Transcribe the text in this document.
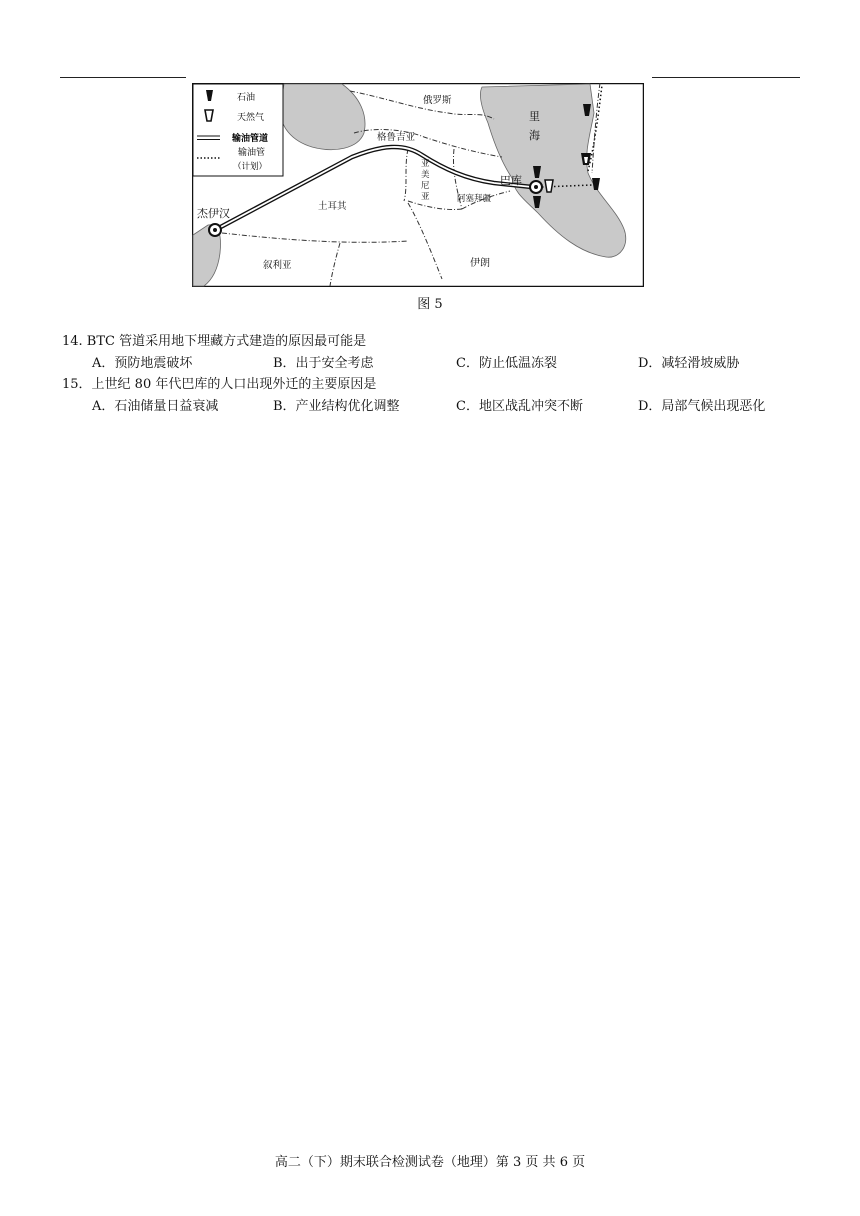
石油
天然气
输油管道
输油管
（计划）
俄罗斯
格鲁吉亚
里
海
亚
美
尼
亚
巴库
阿塞拜疆
杰伊汉
土耳其
叙利亚	伊朗
图 5
14. BTC 管道采用地下埋藏方式建造的原因最可能是
A．预防地震破坏	B．出于安全考虑	C．防止低温冻裂	D．减轻滑坡威胁
15．上世纪 80 年代巴库的人口出现外迁的主要原因是
A．石油储量日益衰减	B．产业结构优化调整	C．地区战乱冲突不断	D．局部气候出现恶化
高二（下）期末联合检测试卷（地理）第 3 页 共 6 页
